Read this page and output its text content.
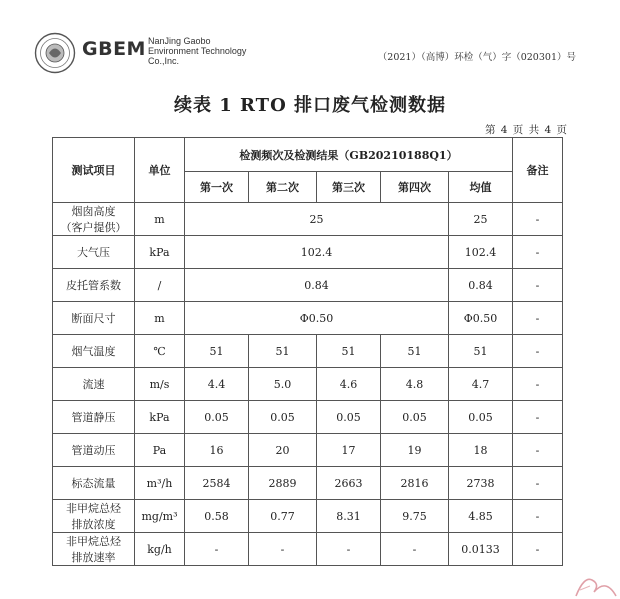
GBEM NanJing Gaobo
Environment Technology
Co.,Inc.	（2021）（高博）环检（气）字（020301）号
续表 1 RTO 排口废气检测数据
第 4 页 共 4 页
测试项目	单位	检测频次及检测结果（GB20210188Q1）					备注
		第一次	第二次	第三次	第四次	均值	

烟囱高度
（客户提供）	m	25				25	-
大气压	kPa	102.4				102.4	-
皮托管系数	/	0.84				0.84	-
断面尺寸	m	Φ0.50				Φ0.50	-
烟气温度	℃	51	51	51	51	51	-
流速	m/s	4.4	5.0	4.6	4.8	4.7	-
管道静压	kPa	0.05	0.05	0.05	0.05	0.05	-
管道动压	Pa	16	20	17	19	18	-
标态流量	m³/h	2584	2889	2663	2816	2738	-

非甲烷总烃
排放浓度	mg/m³	0.58	0.77	8.31	9.75	4.85	-

非甲烷总烃
排放速率	kg/h	-	-	-	-	0.0133	-
